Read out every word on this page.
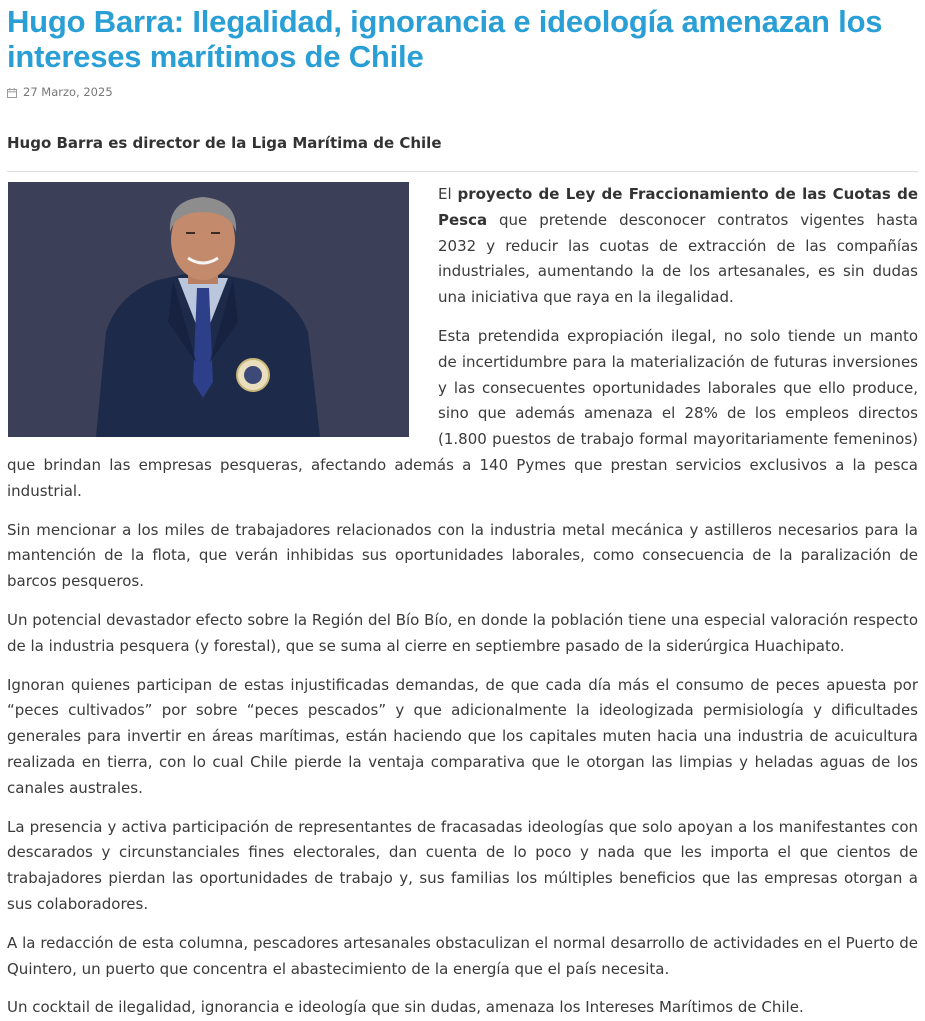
Hugo Barra: Ilegalidad, ignorancia e ideología amenazan los intereses marítimos de Chile
27 Marzo, 2025
Hugo Barra es director de la Liga Marítima de Chile

El proyecto de Ley de Fraccionamiento de las Cuotas de Pesca que pretende desconocer contratos vigentes hasta 2032 y reducir las cuotas de extracción de las compañías industriales, aumentando la de los artesanales, es sin dudas una iniciativa que raya en la ilegalidad.

Esta pretendida expropiación ilegal, no solo tiende un manto de incertidumbre para la materialización de futuras inversiones y las consecuentes oportunidades laborales que ello produce, sino que además amenaza el 28% de los empleos directos (1.800 puestos de trabajo formal mayoritariamente femeninos) que brindan las empresas pesqueras, afectando además a 140 Pymes que prestan servicios exclusivos a la pesca industrial.

Sin mencionar a los miles de trabajadores relacionados con la industria metal mecánica y astilleros necesarios para la mantención de la flota, que verán inhibidas sus oportunidades laborales, como consecuencia de la paralización de barcos pesqueros.

Un potencial devastador efecto sobre la Región del Bío Bío, en donde la población tiene una especial valoración respecto de la industria pesquera (y forestal), que se suma al cierre en septiembre pasado de la siderúrgica Huachipato.

Ignoran quienes participan de estas injustificadas demandas, de que cada día más el consumo de peces apuesta por “peces cultivados” por sobre “peces pescados” y que adicionalmente la ideologizada permisiología y dificultades generales para invertir en áreas marítimas, están haciendo que los capitales muten hacia una industria de acuicultura realizada en tierra, con lo cual Chile pierde la ventaja comparativa que le otorgan las limpias y heladas aguas de los canales australes.

La presencia y activa participación de representantes de fracasadas ideologías que solo apoyan a los manifestantes con descarados y circunstanciales fines electorales, dan cuenta de lo poco y nada que les importa el que cientos de trabajadores pierdan las oportunidades de trabajo y, sus familias los múltiples beneficios que las empresas otorgan a sus colaboradores.

A la redacción de esta columna, pescadores artesanales obstaculizan el normal desarrollo de actividades en el Puerto de Quintero, un puerto que concentra el abastecimiento de la energía que el país necesita.

Un cocktail de ilegalidad, ignorancia e ideología que sin dudas, amenaza los Intereses Marítimos de Chile.
